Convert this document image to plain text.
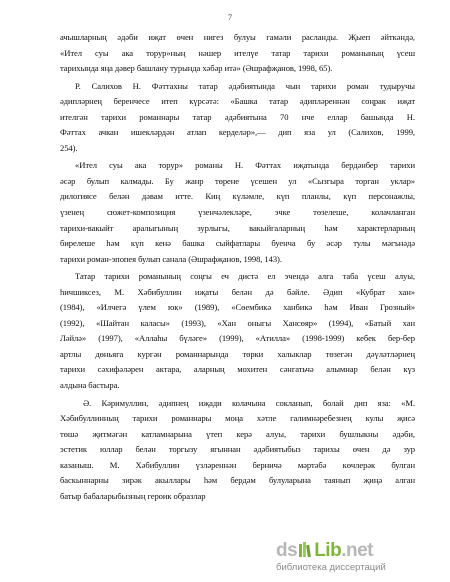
7
ачышларның әдәби иҗат өчен нигез булуы гамәли расланды. Җыеп әйткәндә,
«Ител суы ака торур»ның нәшер ителүе татар тарихи романының үсеш
тарихында яңа дәвер башлану турында хәбәр итә» (Әшрафҗанов, 1998, 65).
Р. Салихов Н. Фәттахны татар әдәбиятында чын тарихи роман тудыручы
әдипләрнең беренчесе итеп күрсәтә: «Башка татар әдипләреннән соңрак иҗат
ителгән тарихи романнары татар әдәбиятына 70 нче еллар башында Н.
Фәттах ачкан ишекләрдән атлап керделәр»,— дип яза ул (Салихов, 1999,
254).
«Ител суы ака торур» романы Н. Фәттах иҗатында бердәнбер тарихи
әсәр булып калмады. Бу жанр төрене үсешен ул «Сызгыра торган уклар»
дилогиясе белән дәвам итте. Киң күләмле, күп планлы, күп персонажлы,
үзенең сюжет-композиция үзенчәлекләре, эчке төзелеше, колачланган
тарихи-вакыйт аралыгының зурлыгы, вакыйгаларның һәм характерларның
бирелеше һәм күп кенә башка сыйфатлары буенча бу әсәр тулы мәгънәдә
тарихи роман-эпопея булып санала (Әшрафҗанов, 1998, 143).
Татар тарихи романының соңгы еч дистә ел эчендә алга таба үсеш алуы,
һичшиксез, М. Хәбибуллин иҗаты белән дә бәйле. Әдип «Кубрат хан»
(1984), «Илчегә үлем юк» (1989), «Сөембикә ханбикә һәм Иван Грозный»
(1992), «Шайтан каласы» (1993), «Хан оныгы Хансөяр» (1994), «Батый хан
Ләйлә» (1997), «Аллаһы бүләге» (1999), «Атилла» (1998-1999) кебек бер-бер
артлы дөньяга кургән романнарында төрки халыклар төзегән дәүләтләрнең
тарихи сәхифәләрен актара, аларның мохитен сәнгатьчә алымнар белән күз
алдына бастыра.
Ә. Кәримуллин, әдипнең иҗади колачына сокланып, болай дип яза: «М.
Хәбибуллинның тарихи романнары моңа хәтле галимнәребезнең кулы җисә
төшә җитмәгән катламнарына үтеп керә алуы, тарихи бушлыкны әдәби,
эстетик юллар белән торгызу ягыннан әдәбиятыбыз тарихы өчен дә зур
казаныш. М. Хәбибуллин үзләреннән берничә мәртәбә көчлерәк булган
баскыннарны зирәк акыллары һәм бердәм булуларына таянып җиңә алган
батыр бабаларыбызның героик образлар
ds Lib.net
библиотека диссертаций
